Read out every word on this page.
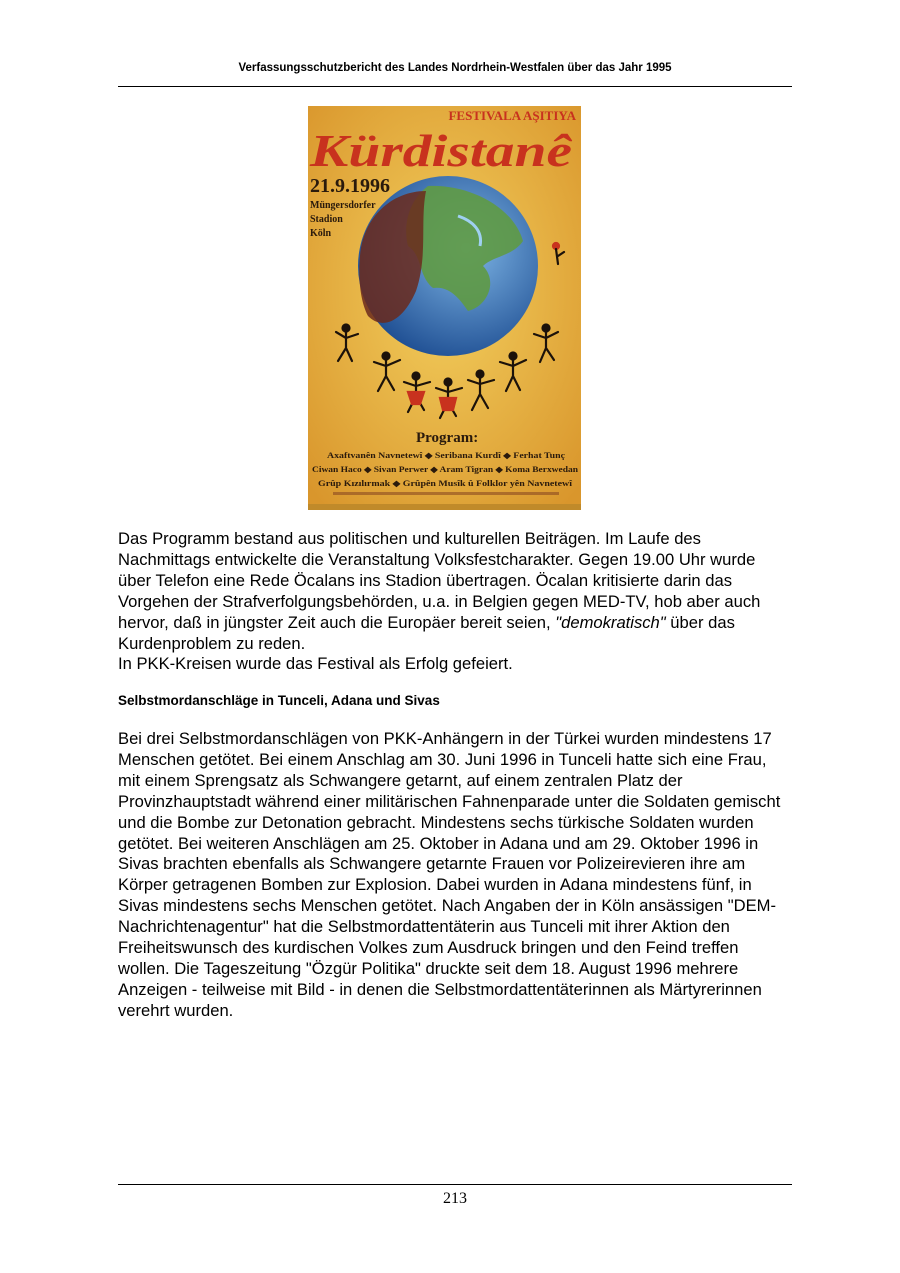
Verfassungsschutzbericht des Landes Nordrhein-Westfalen über das Jahr 1995
FESTIVALA AŞITIYA
Kürdistanê
21.9.1996
Müngersdorfer
Stadion
Köln
Program:
Axaftvanên Navnetewî ◆ Seribana Kurdî ◆ Ferhat Tunç
Ciwan Haco ◆ Sivan Perwer ◆ Aram Tigran ◆ Koma Berxwedan
Grûp Kızılırmak ◆ Grûpên Musîk û Folklor yên Navnetewî

Das Programm bestand aus politischen und kulturellen Beiträgen. Im Laufe des Nachmittags entwickelte die Veranstaltung Volksfestcharakter. Gegen 19.00 Uhr wurde über Telefon eine Rede Öcalans ins Stadion übertragen. Öcalan kritisierte darin das Vorgehen der Strafverfolgungsbehörden, u.a. in Belgien gegen MED-TV, hob aber auch hervor, daß in jüngster Zeit auch die Europäer bereit seien, "demokratisch" über das Kurdenproblem zu reden.
In PKK-Kreisen wurde das Festival als Erfolg gefeiert.

Selbstmordanschläge in Tunceli, Adana und Sivas

Bei drei Selbstmordanschlägen von PKK-Anhängern in der Türkei wurden mindestens 17 Menschen getötet. Bei einem Anschlag am 30. Juni 1996 in Tunceli hatte sich eine Frau, mit einem Sprengsatz als Schwangere getarnt, auf einem zentralen Platz der Provinzhauptstadt während einer militärischen Fahnenparade unter die Soldaten gemischt und die Bombe zur Detonation gebracht. Mindestens sechs türkische Soldaten wurden getötet. Bei weiteren Anschlägen am 25. Oktober in Adana und am 29. Oktober 1996 in Sivas brachten ebenfalls als Schwangere getarnte Frauen vor Polizeirevieren ihre am Körper getragenen Bomben zur Explosion. Dabei wurden in Adana mindestens fünf, in Sivas mindestens sechs Menschen getötet. Nach Angaben der in Köln ansässigen "DEM-Nachrichtenagentur" hat die Selbstmordattentäterin aus Tunceli mit ihrer Aktion den Freiheitswunsch des kurdischen Volkes zum Ausdruck bringen und den Feind treffen wollen. Die Tageszeitung "Özgür Politika" druckte seit dem 18. August 1996 mehrere Anzeigen - teilweise mit Bild - in denen die Selbstmordattentäterinnen als Märtyrerinnen verehrt wurden.

213
